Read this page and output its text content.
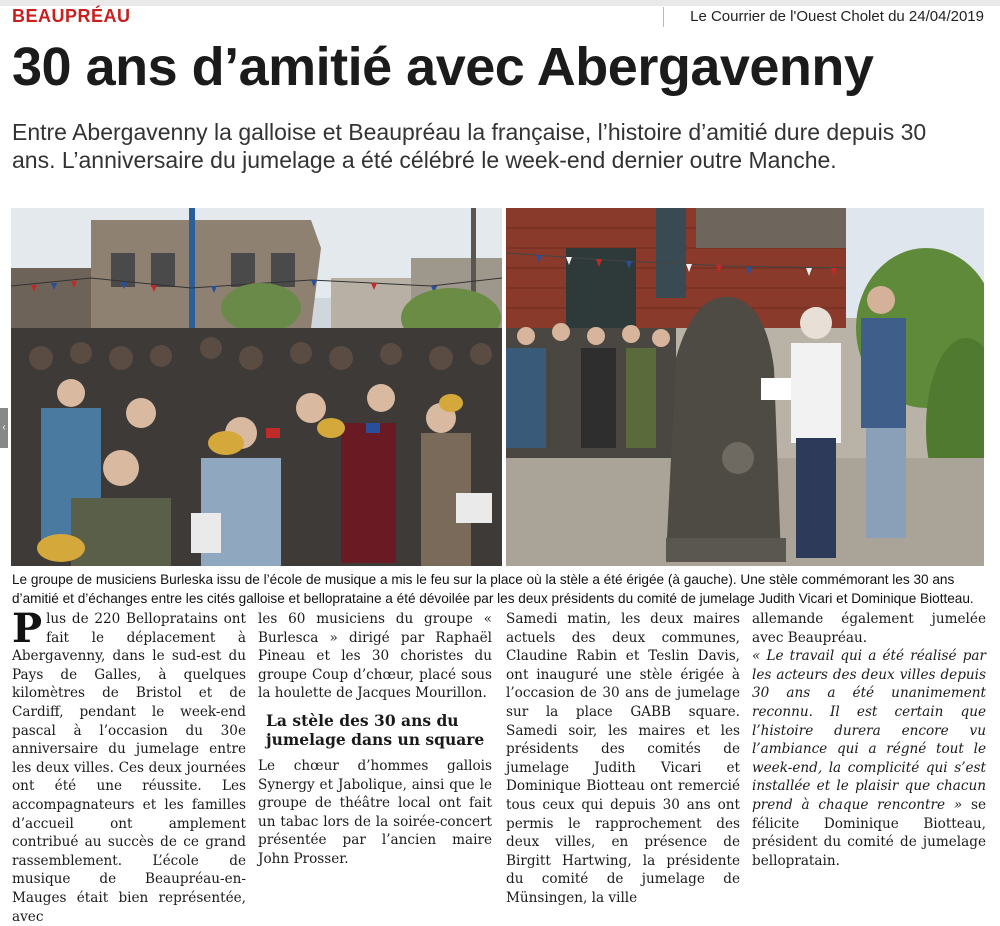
BEAUPRÉAU	Le Courrier de l'Ouest Cholet du 24/04/2019
30 ans d’amitié avec Abergavenny

Entre Abergavenny la galloise et Beaupréau la française, l’histoire d’amitié dure depuis 30 ans. L’anniversaire du jumelage a été célébré le week-end dernier outre Manche.

‹

Le groupe de musiciens Burleska issu de l’école de musique a mis le feu sur la place où la stèle a été érigée (à gauche). Une stèle commémorant les 30 ans d’amitié et d’échanges entre les cités galloise et belloprataine a été dévoilée par les deux présidents du comité de jumelage Judith Vicari et Dominique Biotteau.

Plus de 220 Bellopratains ont fait le déplacement à Abergavenny, dans le sud-est du Pays de Galles, à quelques kilomètres de Bristol et de Cardiff, pendant le week-end pascal à l’occasion du 30e anniversaire du jumelage entre les deux villes. Ces deux journées ont été une réussite. Les accompagnateurs et les familles d’accueil ont amplement contribué au succès de ce grand rassemblement. L’école de musique de Beaupréau-en-Mauges était bien représentée, avec

les 60 musiciens du groupe « Burlesca » dirigé par Raphaël Pineau et les 30 choristes du groupe Coup d’chœur, placé sous la houlette de Jacques Mourillon.

La stèle des 30 ans du jumelage dans un square

Le chœur d’hommes gallois Synergy et Jabolique, ainsi que le groupe de théâtre local ont fait un tabac lors de la soirée-concert présentée par l’ancien maire John Prosser.

Samedi matin, les deux maires actuels des deux communes, Claudine Rabin et Teslin Davis, ont inauguré une stèle érigée à l’occasion de 30 ans de jumelage sur la place GABB square. Samedi soir, les maires et les présidents des comités de jumelage Judith Vicari et Dominique Biotteau ont remercié tous ceux qui depuis 30 ans ont permis le rapprochement des deux villes, en présence de Birgitt Hartwing, la présidente du comité de jumelage de Münsingen, la ville

allemande également jumelée avec Beaupréau.

« Le travail qui a été réalisé par les acteurs des deux villes depuis 30 ans a été unanimement reconnu. Il est certain que l’histoire durera encore vu l’ambiance qui a régné tout le week-end, la complicité qui s’est installée et le plaisir que chacun prend à chaque rencontre » se félicite Dominique Biotteau, président du comité de jumelage bellopratain.
